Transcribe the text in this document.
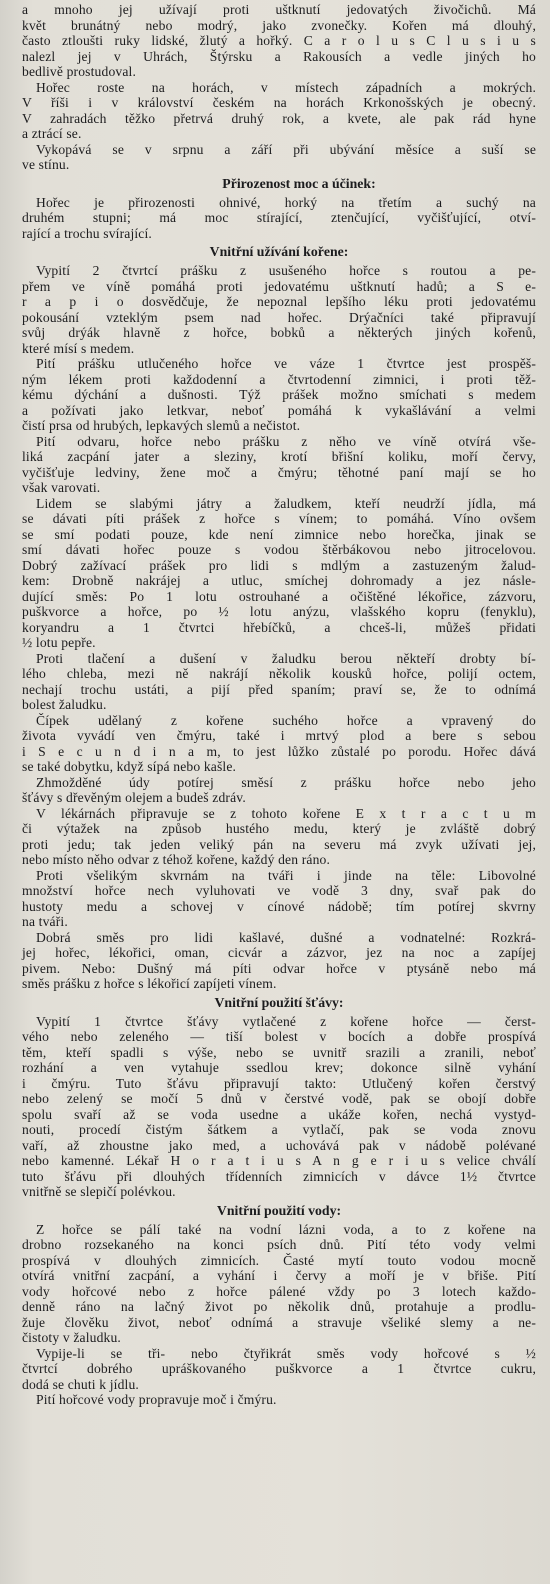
a mnoho jej užívají proti uštknutí jedovatých živočichů. Má
květ brunátný nebo modrý, jako zvonečky. Kořen má dlouhý,
často ztloušti ruky lidské, žlutý a hořký. C a r o l u s C l u s i u s
nalezl jej v Uhrách, Štýrsku a Rakousích a vedle jiných ho
bedlivě prostudoval.
Hořec roste na horách, v místech západních a mokrých.
V říši i v království českém na horách Krkonošských je obecný.
V zahradách těžko přetrvá druhý rok, a kvete, ale pak rád hyne
a ztrácí se.
Vykopává se v srpnu a září při ubývání měsíce a suší se
ve stínu.
Přirozenost moc a účinek:
Hořec je přirozenosti ohnivé, horký na třetím a suchý na
druhém stupni; má moc stírající, ztenčující, vyčišťující, otví-
rající a trochu svírající.
Vnitřní užívání kořene:
Vypití 2 čtvrtcí prášku z usušeného hořce s routou a pe-
přem ve víně pomáhá proti jedovatému uštknutí hadů; a S e-
r a p i o dosvědčuje, že nepoznal lepšího léku proti jedovatému
pokousání vzteklým psem nad hořec. Drýačníci také připravují
svůj drýák hlavně z hořce, bobků a některých jiných kořenů,
které mísí s medem.
Pití prášku utlučeného hořce ve váze 1 čtvrtce jest prospěš-
ným lékem proti každodenní a čtvrtodenní zimnici, i proti těž-
kému dýchání a dušnosti. Týž prášek možno smíchati s medem
a požívati jako letkvar, neboť pomáhá k vykašlávání a velmi
čistí prsa od hrubých, lepkavých slemů a nečistot.
Pití odvaru, hořce nebo prášku z něho ve víně otvírá vše-
liká zacpání jater a sleziny, krotí břišní koliku, moří červy,
vyčišťuje ledviny, žene moč a čmýru; těhotné paní mají se ho
však varovati.
Lidem se slabými játry a žaludkem, kteří neudrží jídla, má
se dávati píti prášek z hořce s vínem; to pomáhá. Víno ovšem
se smí podati pouze, kde není zimnice nebo horečka, jinak se
smí dávati hořec pouze s vodou štěrbákovou nebo jitrocelovou.
Dobrý zažívací prášek pro lidi s mdlým a zastuzeným žalud-
kem: Drobně nakrájej a utluc, smíchej dohromady a jez násle-
dující směs: Po 1 lotu ostrouhané a očištěné lékořice, zázvoru,
puškvorce a hořce, po ½ lotu anýzu, vlašského kopru (fenyklu),
koryandru a 1 čtvrtci hřebíčků, a chceš-li, můžeš přidati
½ lotu pepře.
Proti tlačení a dušení v žaludku berou někteří drobty bí-
lého chleba, mezi ně nakrájí několik kousků hořce, polijí octem,
nechají trochu ustáti, a pijí před spaním; praví se, že to odnímá
bolest žaludku.
Čípek udělaný z kořene suchého hořce a vpravený do
života vyvádí ven čmýru, také i mrtvý plod a bere s sebou
i S e c u n d i n a m, to jest lůžko zůstalé po porodu. Hořec dává
se také dobytku, když sípá nebo kašle.
Zhmožděné údy potírej směsí z prášku hořce nebo jeho
šťávy s dřevěným olejem a budeš zdráv.
V lékárnách připravuje se z tohoto kořene E x t r a c t u m
či výtažek na způsob hustého medu, který je zvláště dobrý
proti jedu; tak jeden veliký pán na severu má zvyk užívati jej,
nebo místo něho odvar z téhož kořene, každý den ráno.
Proti všelikým skvrnám na tváři i jinde na těle: Libovolné
množství hořce nech vyluhovati ve vodě 3 dny, svař pak do
hustoty medu a schovej v cínové nádobě; tím potírej skvrny
na tváři.
Dobrá směs pro lidi kašlavé, dušné a vodnatelné: Rozkrá-
jej hořec, lékořici, oman, cicvár a zázvor, jez na noc a zapíjej
pivem. Nebo: Dušný má píti odvar hořce v ptysáně nebo má
směs prášku z hořce s lékořicí zapíjeti vínem.
Vnitřní použití šťávy:
Vypití 1 čtvrtce šťávy vytlačené z kořene hořce — čerst-
vého nebo zeleného — tiší bolest v bocích a dobře prospívá
těm, kteří spadli s výše, nebo se uvnitř srazili a zranili, neboť
rozhání a ven vytahuje ssedlou krev; dokonce silně vyhání
i čmýru. Tuto šťávu připravují takto: Utlučený kořen čerstvý
nebo zelený se močí 5 dnů v čerstvé vodě, pak se obojí dobře
spolu svaří až se voda usedne a ukáže kořen, nechá vystyd-
nouti, procedí čistým šátkem a vytlačí, pak se voda znovu
vaří, až zhoustne jako med, a uchovává pak v nádobě polévané
nebo kamenné. Lékař H o r a t i u s A n g e r i u s velice chválí
tuto šťávu při dlouhých třídenních zimnicích v dávce 1½ čtvrtce
vnitřně se slepičí polévkou.
Vnitřní použití vody:
Z hořce se pálí také na vodní lázni voda, a to z kořene na
drobno rozsekaného na konci psích dnů. Pití této vody velmi
prospívá v dlouhých zimnicích. Časté mytí touto vodou mocně
otvírá vnitřní zacpání, a vyhání i červy a moří je v břiše. Pití
vody hořcové nebo z hořce pálené vždy po 3 lotech každo-
denně ráno na lačný život po několik dnů, protahuje a prodlu-
žuje člověku život, neboť odnímá a stravuje všeliké slemy a ne-
čistoty v žaludku.
Vypije-li se tři- nebo čtyřikrát směs vody hořcové s ½
čtvrtcí dobrého upráškovaného puškvorce a 1 čtvrtce cukru,
dodá se chuti k jídlu.
Pití hořcové vody propravuje moč i čmýru.
